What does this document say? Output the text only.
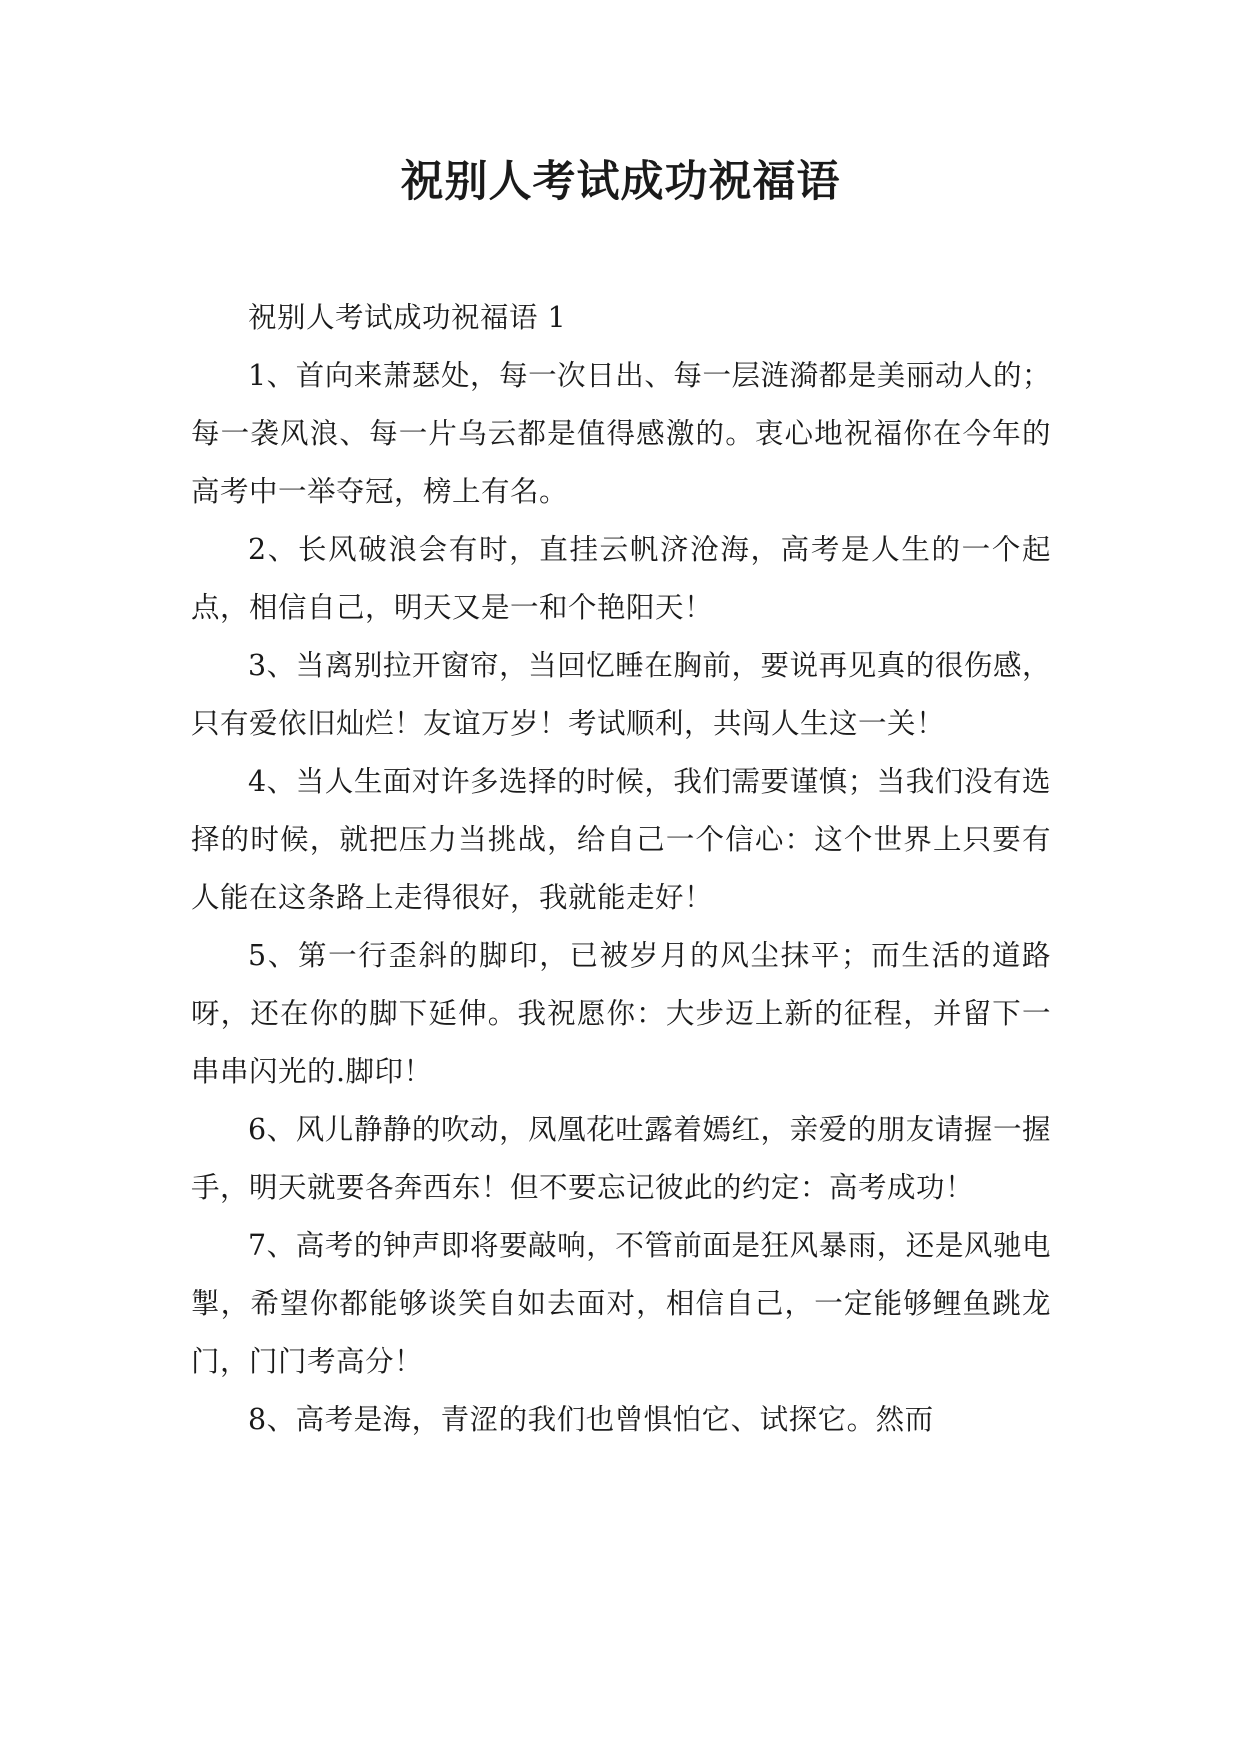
祝别人考试成功祝福语

祝别人考试成功祝福语 1

1、首向来萧瑟处，每一次日出、每一层涟漪都是美丽动人的；每一袭风浪、每一片乌云都是值得感激的。衷心地祝福你在今年的高考中一举夺冠，榜上有名。

2、长风破浪会有时，直挂云帆济沧海，高考是人生的一个起点，相信自己，明天又是一和个艳阳天！

3、当离别拉开窗帘，当回忆睡在胸前，要说再见真的很伤感，只有爱依旧灿烂！友谊万岁！考试顺利，共闯人生这一关！

4、当人生面对许多选择的时候，我们需要谨慎；当我们没有选择的时候，就把压力当挑战，给自己一个信心：这个世界上只要有人能在这条路上走得很好，我就能走好！

5、第一行歪斜的脚印，已被岁月的风尘抹平；而生活的道路呀，还在你的脚下延伸。我祝愿你：大步迈上新的征程，并留下一串串闪光的.脚印！

6、风儿静静的吹动，凤凰花吐露着嫣红，亲爱的朋友请握一握手，明天就要各奔西东！但不要忘记彼此的约定：高考成功！

7、高考的钟声即将要敲响，不管前面是狂风暴雨，还是风驰电掣，希望你都能够谈笑自如去面对，相信自己，一定能够鲤鱼跳龙门，门门考高分！

8、高考是海，青涩的我们也曾惧怕它、试探它。然而
